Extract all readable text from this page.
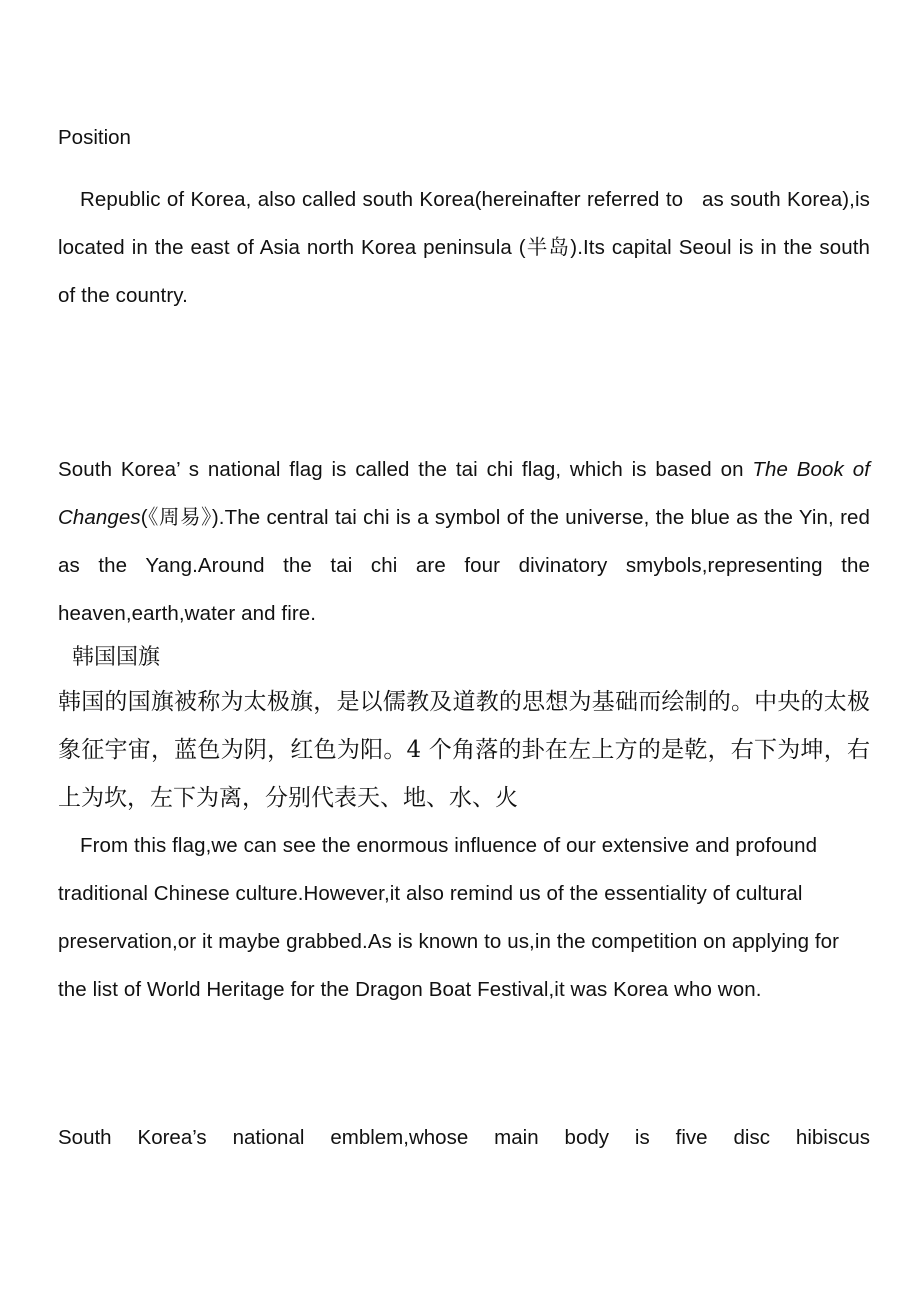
Position

Republic of Korea, also called south Korea(hereinafter referred to   as south Korea),is located in the east of Asia north Korea peninsula (半岛).Its capital Seoul is in the south of the country.

South Korea’ s national flag is called the tai chi flag, which is based on The Book of Changes(《周易》).The central tai chi is a symbol of the universe, the blue as the Yin, red as the Yang.Around the tai chi are four divinatory smybols,representing the heaven,earth,water and fire.

韩国国旗

韩国的国旗被称为太极旗，是以儒教及道教的思想为基础而绘制的。中央的太极象征宇宙，蓝色为阴，红色为阳。4 个角落的卦在左上方的是乾，右下为坤，右上为坎，左下为离，分别代表天、地、水、火

From this flag,we can see the enormous influence of our extensive and profound traditional Chinese culture.However,it also remind us of the essentiality of cultural preservation,or it maybe grabbed.As is known to us,in the competition on applying for the list of World Heritage for the Dragon Boat Festival,it was Korea who won.

South Korea’s national emblem,whose main body is five disc hibiscus
